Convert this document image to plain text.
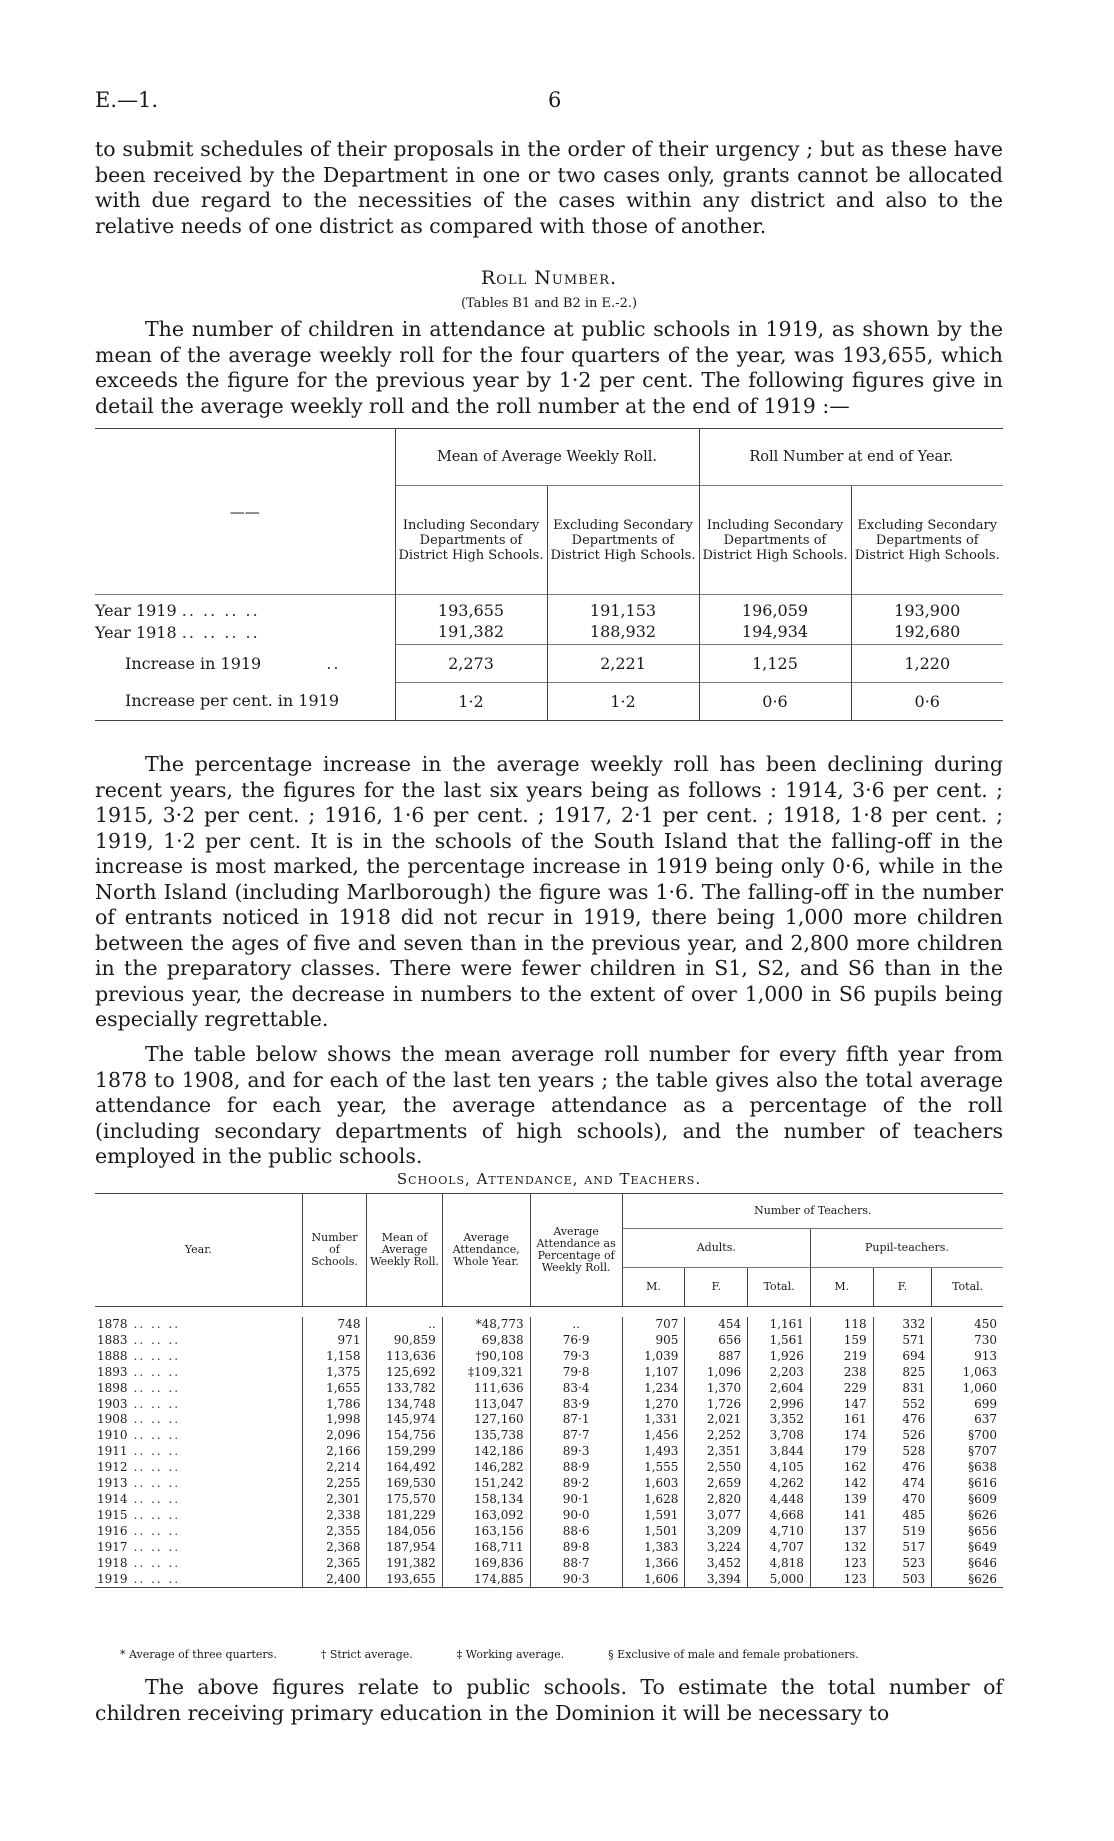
E.—1.	6

to submit schedules of their proposals in the order of their urgency ; but as these have been received by the Department in one or two cases only, grants cannot be allocated with due regard to the necessities of the cases within any district and also to the relative needs of one district as compared with those of another.

Roll Number.
(Tables B1 and B2 in E.-2.)

The number of children in attendance at public schools in 1919, as shown by the mean of the average weekly roll for the four quarters of the year, was 193,655, which exceeds the figure for the previous year by 1·2 per cent. The following figures give in detail the average weekly roll and the roll number at the end of 1919 :—

——	Mean of Average Weekly Roll.		Roll Number at end of Year.	
	Including Secondary Departments of District High Schools.	Excluding Secondary Departments of District High Schools.	Including Secondary Departments of District High Schools.	Excluding Secondary Departments of District High Schools.
Year 1919 .. .. .. ..	193,655	191,153	196,059	193,900
Year 1918 .. .. .. ..	191,382	188,932	194,934	192,680
Increase in 1919 ..	2,273	2,221	1,125	1,220
Increase per cent. in 1919	1·2	1·2	0·6	0·6

The percentage increase in the average weekly roll has been declining during recent years, the figures for the last six years being as follows : 1914, 3·6 per cent. ; 1915, 3·2 per cent. ; 1916, 1·6 per cent. ; 1917, 2·1 per cent. ; 1918, 1·8 per cent. ; 1919, 1·2 per cent. It is in the schools of the South Island that the falling-off in the increase is most marked, the percentage increase in 1919 being only 0·6, while in the North Island (including Marlborough) the figure was 1·6. The falling-off in the number of entrants noticed in 1918 did not recur in 1919, there being 1,000 more children between the ages of five and seven than in the previous year, and 2,800 more children in the preparatory classes. There were fewer children in S1, S2, and S6 than in the previous year, the decrease in numbers to the extent of over 1,000 in S6 pupils being especially regrettable.

The table below shows the mean average roll number for every fifth year from 1878 to 1908, and for each of the last ten years ; the table gives also the total average attendance for each year, the average attendance as a percentage of the roll (including secondary departments of high schools), and the number of teachers employed in the public schools.

Schools, Attendance, and Teachers.
Year.	Number of Schools.	Mean of Average Weekly Roll.	Average Attendance, Whole Year.	Average Attendance as Percentage of Weekly Roll.	Number of Teachers.					
					Adults.			Pupil-teachers.		
					M.	F.	Total.	M.	F.	Total.

1878 .. .. ..	748	..	*48,773	..	707	454	1,161	118	332	450
1883 .. .. ..	971	90,859	69,838	76·9	905	656	1,561	159	571	730
1888 .. .. ..	1,158	113,636	†90,108	79·3	1,039	887	1,926	219	694	913
1893 .. .. ..	1,375	125,692	‡109,321	79·8	1,107	1,096	2,203	238	825	1,063
1898 .. .. ..	1,655	133,782	111,636	83·4	1,234	1,370	2,604	229	831	1,060
1903 .. .. ..	1,786	134,748	113,047	83·9	1,270	1,726	2,996	147	552	699
1908 .. .. ..	1,998	145,974	127,160	87·1	1,331	2,021	3,352	161	476	637
1910 .. .. ..	2,096	154,756	135,738	87·7	1,456	2,252	3,708	174	526	§700
1911 .. .. ..	2,166	159,299	142,186	89·3	1,493	2,351	3,844	179	528	§707
1912 .. .. ..	2,214	164,492	146,282	88·9	1,555	2,550	4,105	162	476	§638
1913 .. .. ..	2,255	169,530	151,242	89·2	1,603	2,659	4,262	142	474	§616
1914 .. .. ..	2,301	175,570	158,134	90·1	1,628	2,820	4,448	139	470	§609
1915 .. .. ..	2,338	181,229	163,092	90·0	1,591	3,077	4,668	141	485	§626
1916 .. .. ..	2,355	184,056	163,156	88·6	1,501	3,209	4,710	137	519	§656
1917 .. .. ..	2,368	187,954	168,711	89·8	1,383	3,224	4,707	132	517	§649
1918 .. .. ..	2,365	191,382	169,836	88·7	1,366	3,452	4,818	123	523	§646
1919 .. .. ..	2,400	193,655	174,885	90·3	1,606	3,394	5,000	123	503	§626
* Average of three quarters.	† Strict average.	‡ Working average.	§ Exclusive of male and female probationers.

The above figures relate to public schools. To estimate the total number of children receiving primary education in the Dominion it will be necessary to
